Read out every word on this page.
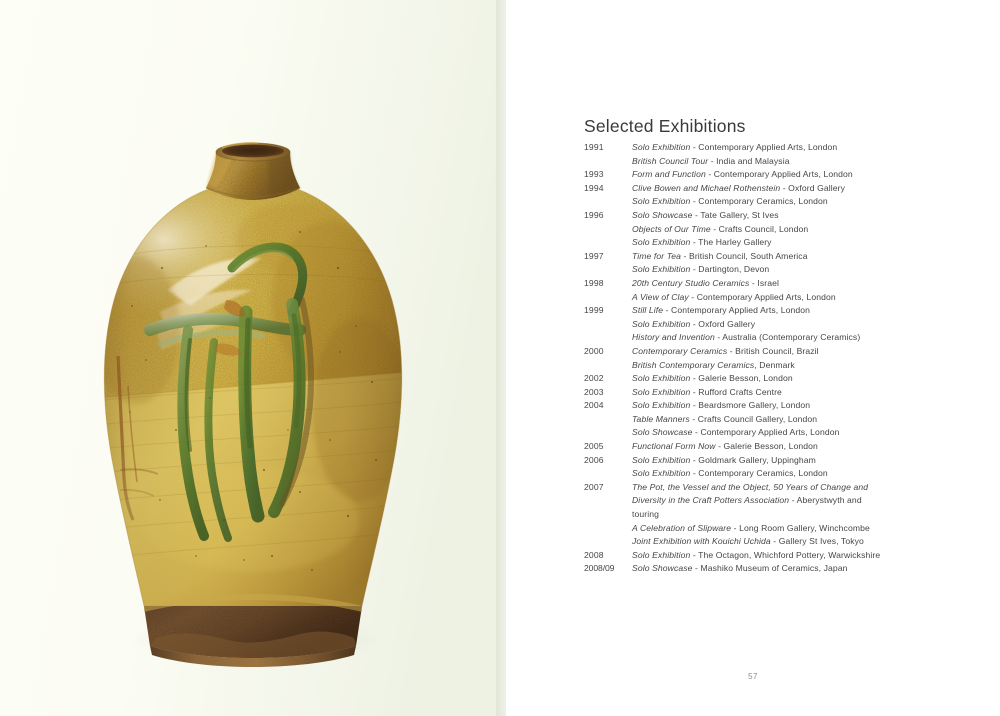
Selected Exhibitions
1991	Solo Exhibition - Contemporary Applied Arts, London
British Council Tour - India and Malaysia
1993	Form and Function - Contemporary Applied Arts, London
1994	Clive Bowen and Michael Rothenstein - Oxford Gallery
Solo Exhibition - Contemporary Ceramics, London
1996	Solo Showcase - Tate Gallery, St Ives
Objects of Our Time - Crafts Council, London
Solo Exhibition - The Harley Gallery
1997	Time for Tea - British Council, South America
Solo Exhibition - Dartington, Devon
1998	20th Century Studio Ceramics - Israel
A View of Clay - Contemporary Applied Arts, London
1999	Still Life - Contemporary Applied Arts, London
Solo Exhibition - Oxford Gallery
History and Invention - Australia (Contemporary Ceramics)
2000	Contemporary Ceramics - British Council, Brazil
British Contemporary Ceramics, Denmark
2002	Solo Exhibition - Galerie Besson, London
2003	Solo Exhibition - Rufford Crafts Centre
2004	Solo Exhibition - Beardsmore Gallery, London
Table Manners - Crafts Council Gallery, London
Solo Showcase - Contemporary Applied Arts, London
2005	Functional Form Now - Galerie Besson, London
2006	Solo Exhibition - Goldmark Gallery, Uppingham
Solo Exhibition - Contemporary Ceramics, London
2007	The Pot, the Vessel and the Object, 50 Years of Change and
Diversity in the Craft Potters Association - Aberystwyth and
touring
A Celebration of Slipware - Long Room Gallery, Winchcombe
Joint Exhibition with Kouichi Uchida - Gallery St Ives, Tokyo
2008	Solo Exhibition - The Octagon, Whichford Pottery, Warwickshire
2008/09	Solo Showcase - Mashiko Museum of Ceramics, Japan
57
